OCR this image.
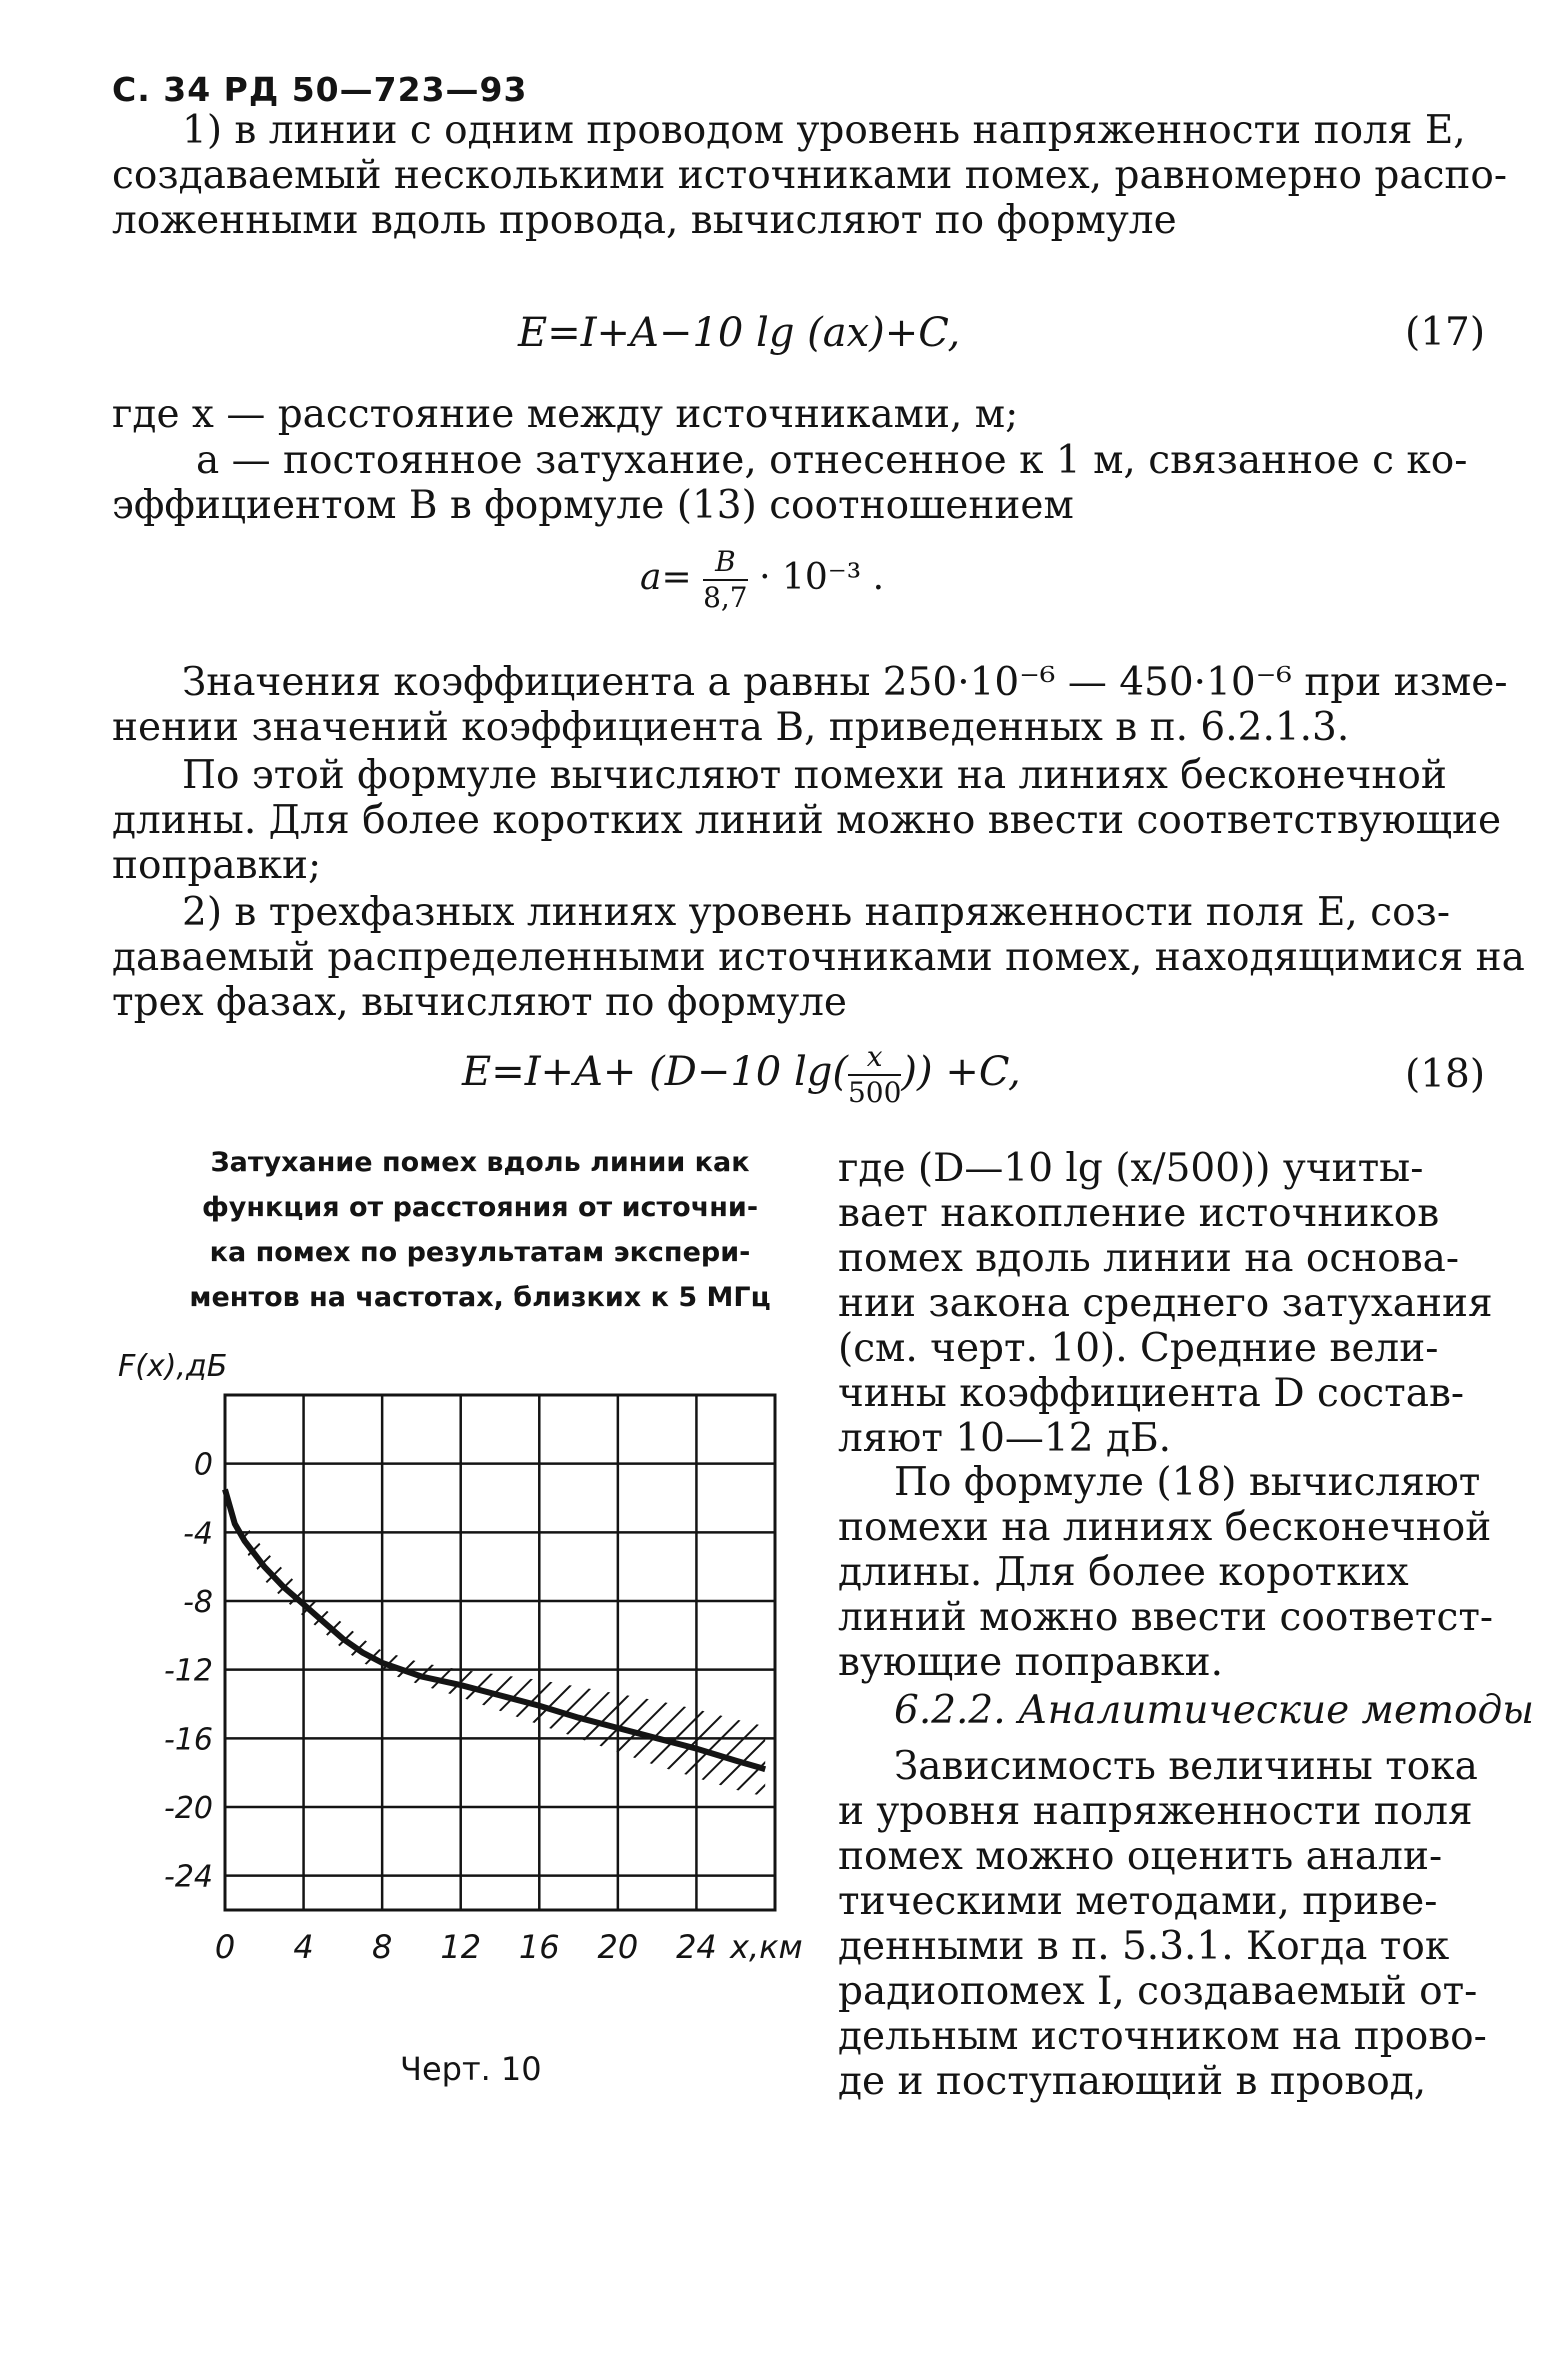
С. 34 РД 50—723—93

1) в линии с одним проводом уровень напряженности поля E,
создаваемый несколькими источниками помех, равномерно распо-
ложенными вдоль провода, вычисляют по формуле

E=I+A−10 lg (ax)+C,	(17)

где x — расстояние между источниками, м;

a — постоянное затухание, отнесенное к 1 м, связанное с ко-
эффициентом B в формуле (13) соотношением

$a= \frac{B}{8,7} \cdot 10^{-3}$ .

Значения коэффициента a равны 250·10⁻⁶ — 450·10⁻⁶ при изме-
нении значений коэффициента B, приведенных в п. 6.2.1.3.

По этой формуле вычисляют помехи на линиях бесконечной
длины. Для более коротких линий можно ввести соответствующие
поправки;

2) в трехфазных линиях уровень напряженности поля E, соз-
даваемый распределенными источниками помех, находящимися на
трех фазах, вычисляют по формуле

E=I+A+ (D−10 $\lg( \frac{x}{500}$ )) +C,	(18)
Затухание помех вдоль линии как
функция от расстояния от источни-
ка помех по результатам экспери-
ментов на частотах, близких к 5 МГц
0
-4
-8
-12
-16
-20
-24
0 4 8 12 16 20 24
F(x),дБ
x,км
Черт. 10

где (D—10 lg (x/500)) учиты-
вает накопление источников
помех вдоль линии на основа-
нии закона среднего затухания
(см. черт. 10). Средние вели-
чины коэффициента D состав-
ляют 10—12 дБ.

По формуле (18) вычисляют
помехи на линиях бесконечной
длины. Для более коротких
линий можно ввести соответст-
вующие поправки.

6.2.2. Аналитические методы

Зависимость величины тока
и уровня напряженности поля
помех можно оценить анали-
тическими методами, приве-
денными в п. 5.3.1. Когда ток
радиопомех I, создаваемый от-
дельным источником на прово-
де и поступающий в провод,
